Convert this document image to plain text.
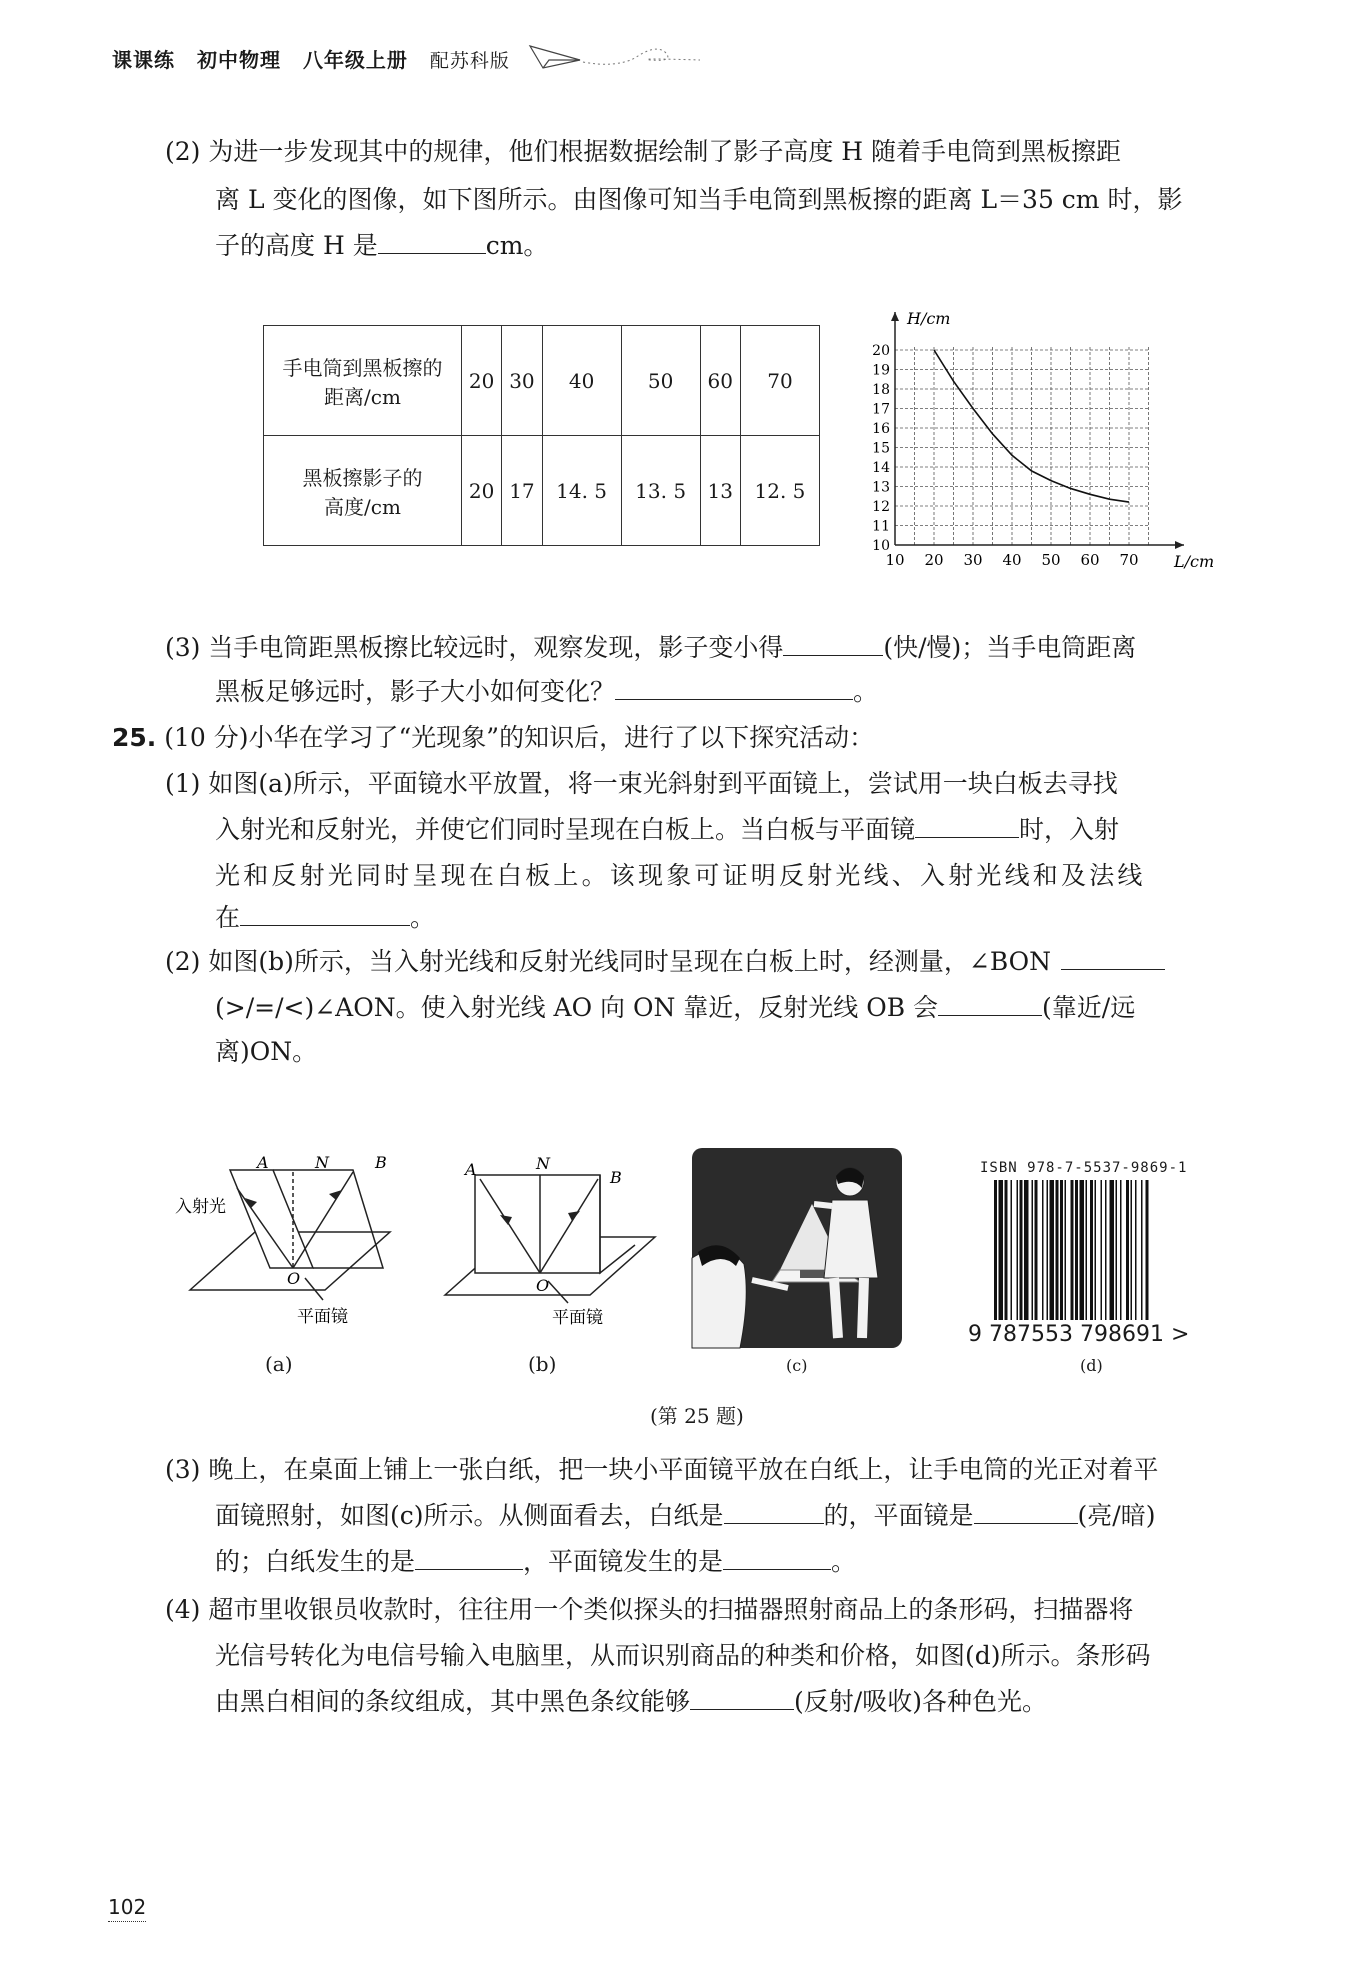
课课练 初中物理 八年级上册 配苏科版
(2) 为进一步发现其中的规律，他们根据数据绘制了影子高度 H 随着手电筒到黑板擦距
离 L 变化的图像，如下图所示。由图像可知当手电筒到黑板擦的距离 L＝35 cm 时，影
子的高度 H 是	cm。
手电筒到黑板擦的
距离/cm	20	30	40	50	60	70

黑板擦影子的
高度/cm	20	17	14. 5	13. 5	13	12. 5
10 20 30 40 50 60 70
10
11
12
13
14
15
16
17
18
19
20
L/cm
H/cm
(3) 当手电筒距黑板擦比较远时，观察发现，影子变小得	(快/慢)；当手电筒距离
黑板足够远时，影子大小如何变化？	。
25. (10 分)小华在学习了“光现象”的知识后，进行了以下探究活动：
(1) 如图(a)所示，平面镜水平放置，将一束光斜射到平面镜上，尝试用一块白板去寻找
入射光和反射光，并使它们同时呈现在白板上。当白板与平面镜	时，入射
光和反射光同时呈现在白板上。该现象可证明反射光线、入射光线和及法线
在	。
(2) 如图(b)所示，当入射光线和反射光线同时呈现在白板上时，经测量，∠BON
(>/=/<)∠AON。使入射光线 AO 向 ON 靠近，反射光线 OB 会	(靠近/远
离)ON。
A	N	B
O
入射光
平面镜
(a)
A	N
B
O
平面镜
(b)	(c)
ISBN 978-7-5537-9869-1
9 787553 798691 >
(d)
(第 25 题)
(3) 晚上，在桌面上铺上一张白纸，把一块小平面镜平放在白纸上，让手电筒的光正对着平
面镜照射，如图(c)所示。从侧面看去，白纸是	的，平面镜是	(亮/暗)
的；白纸发生的是	，平面镜发生的是	。
(4) 超市里收银员收款时，往往用一个类似探头的扫描器照射商品上的条形码，扫描器将
光信号转化为电信号输入电脑里，从而识别商品的种类和价格，如图(d)所示。条形码
由黑白相间的条纹组成，其中黑色条纹能够	(反射/吸收)各种色光。
102
